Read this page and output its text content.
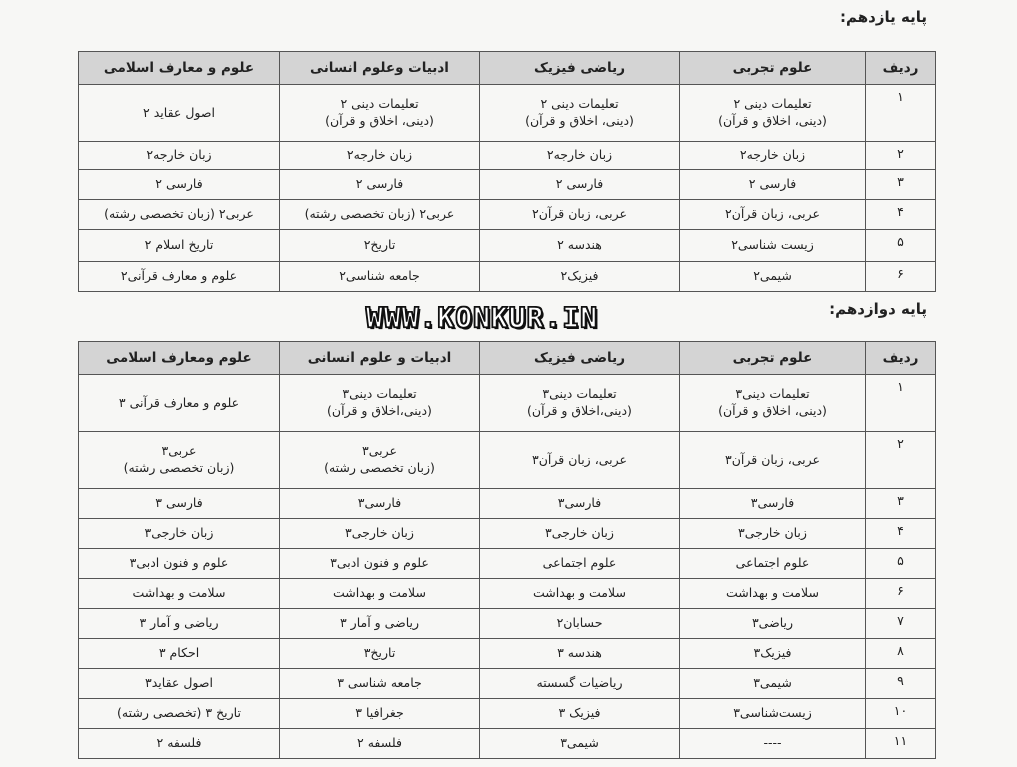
پایه یازدهم:
ردیف	علوم تجربی	ریاضی فیزیک	ادبیات وعلوم انسانی	علوم و معارف اسلامی
۱	تعلیمات دینی ۲
(دینی، اخلاق و قرآن)	تعلیمات دینی ۲
(دینی، اخلاق و قرآن)	تعلیمات دینی ۲
(دینی، اخلاق و قرآن)	اصول عقاید ۲

۲	زبان خارجه۲	زبان خارجه۲	زبان خارجه۲	زبان خارجه۲

۳	فارسی ۲	فارسی ۲	فارسی ۲	فارسی ۲

۴	عربی، زبان قرآن۲	عربی، زبان قرآن۲	عربی۲ (زبان تخصصی رشته)	عربی۲ (زبان تخصصی رشته)

۵	زیست شناسی۲	هندسه ۲	تاریخ۲	تاریخ اسلام ۲

۶	شیمی۲	فیزیک۲	جامعه شناسی۲	علوم و معارف قرآنی۲
پایه دوازدهم:
WWW.KONKUR.IN
ردیف	علوم تجربی	ریاضی فیزیک	ادبیات و علوم انسانی	علوم ومعارف اسلامی
۱	تعلیمات دینی۳
(دینی، اخلاق و قرآن)	تعلیمات دینی۳
(دینی،اخلاق و قرآن)	تعلیمات دینی۳
(دینی،اخلاق و قرآن)	علوم و معارف قرآنی ۳

۲	عربی، زبان قرآن۳	عربی، زبان قرآن۳	عربی۳
(زبان تخصصی رشته)	عربی۳
(زبان تخصصی رشته)

۳	فارسی۳	فارسی۳	فارسی۳	فارسی ۳

۴	زبان خارجی۳	زبان خارجی۳	زبان خارجی۳	زبان خارجی۳

۵	علوم اجتماعی	علوم اجتماعی	علوم و فنون ادبی۳	علوم و فنون ادبی۳

۶	سلامت و بهداشت	سلامت و بهداشت	سلامت و بهداشت	سلامت و بهداشت

۷	ریاضی۳	حسابان۲	ریاضی و آمار ۳	ریاضی و آمار ۳

۸	فیزیک۳	هندسه ۳	تاریخ۳	احکام ۳

۹	شیمی۳	ریاضیات گسسته	جامعه شناسی ۳	اصول عقاید۳

۱۰	زیست‌شناسی۳	فیزیک ۳	جغرافیا ۳	تاریخ ۳ (تخصصی رشته)

۱۱	----	شیمی۳	فلسفه ۲	فلسفه ۲
